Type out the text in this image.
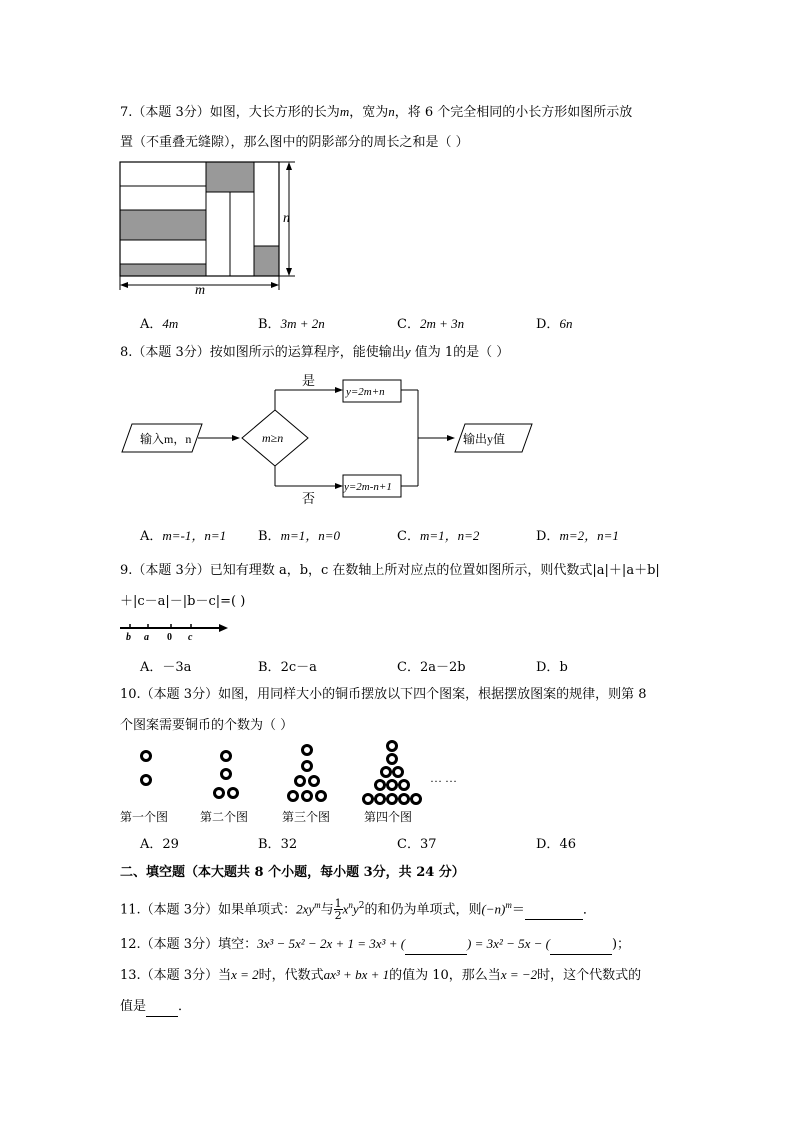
7.（本题 3分）如图，大长方形的长为m，宽为n，将 6 个完全相同的小长方形如图所示放
置（不重叠无缝隙），那么图中的阴影部分的周长之和是（ ）
n
m
A．4m	B．3m + 2n	C．2m + 3n	D．6n
8.（本题 3分）按如图所示的运算程序，能使输出y 值为 1的是（ ）
输入m，n	m≥n
是
y=2m+n
否
y=2m-n+1
输出y值
A．m=-1，n=1 B．m=1，n=0	C．m=1，n=2	D．m=2，n=1
9.（本题 3分）已知有理数 a，b，c 在数轴上所对应点的位置如图所示，则代数式|a|＋|a＋b|
＋|c－a|－|b－c|=( )
b a 0 c
A．－3a	B．2c－a	C．2a－2b	D．b
10.（本题 3分）如图，用同样大小的铜币摆放以下四个图案，根据摆放图案的规律，则第 8
个图案需要铜币的个数为（ ）
… …
第一个图	第二个图	第三个图	第四个图
A．29	B．32	C．37	D．46
二、填空题（本大题共 8 个小题，每小题 3分，共 24 分）
11.（本题 3分）如果单项式：$2xy^m$与 $\frac{1}{2} x^ny^2$的和仍为单项式，则$(-n)^m=$	．
12.（本题 3分）填空：3x³ − 5x² − 2x + 1 = 3x³ + (	) = 3x² − 5x − (	)；
13.（本题 3分）当x = 2时，代数式ax³ + bx + 1的值为 10，那么当x = −2时，这个代数式的
值是 ．
